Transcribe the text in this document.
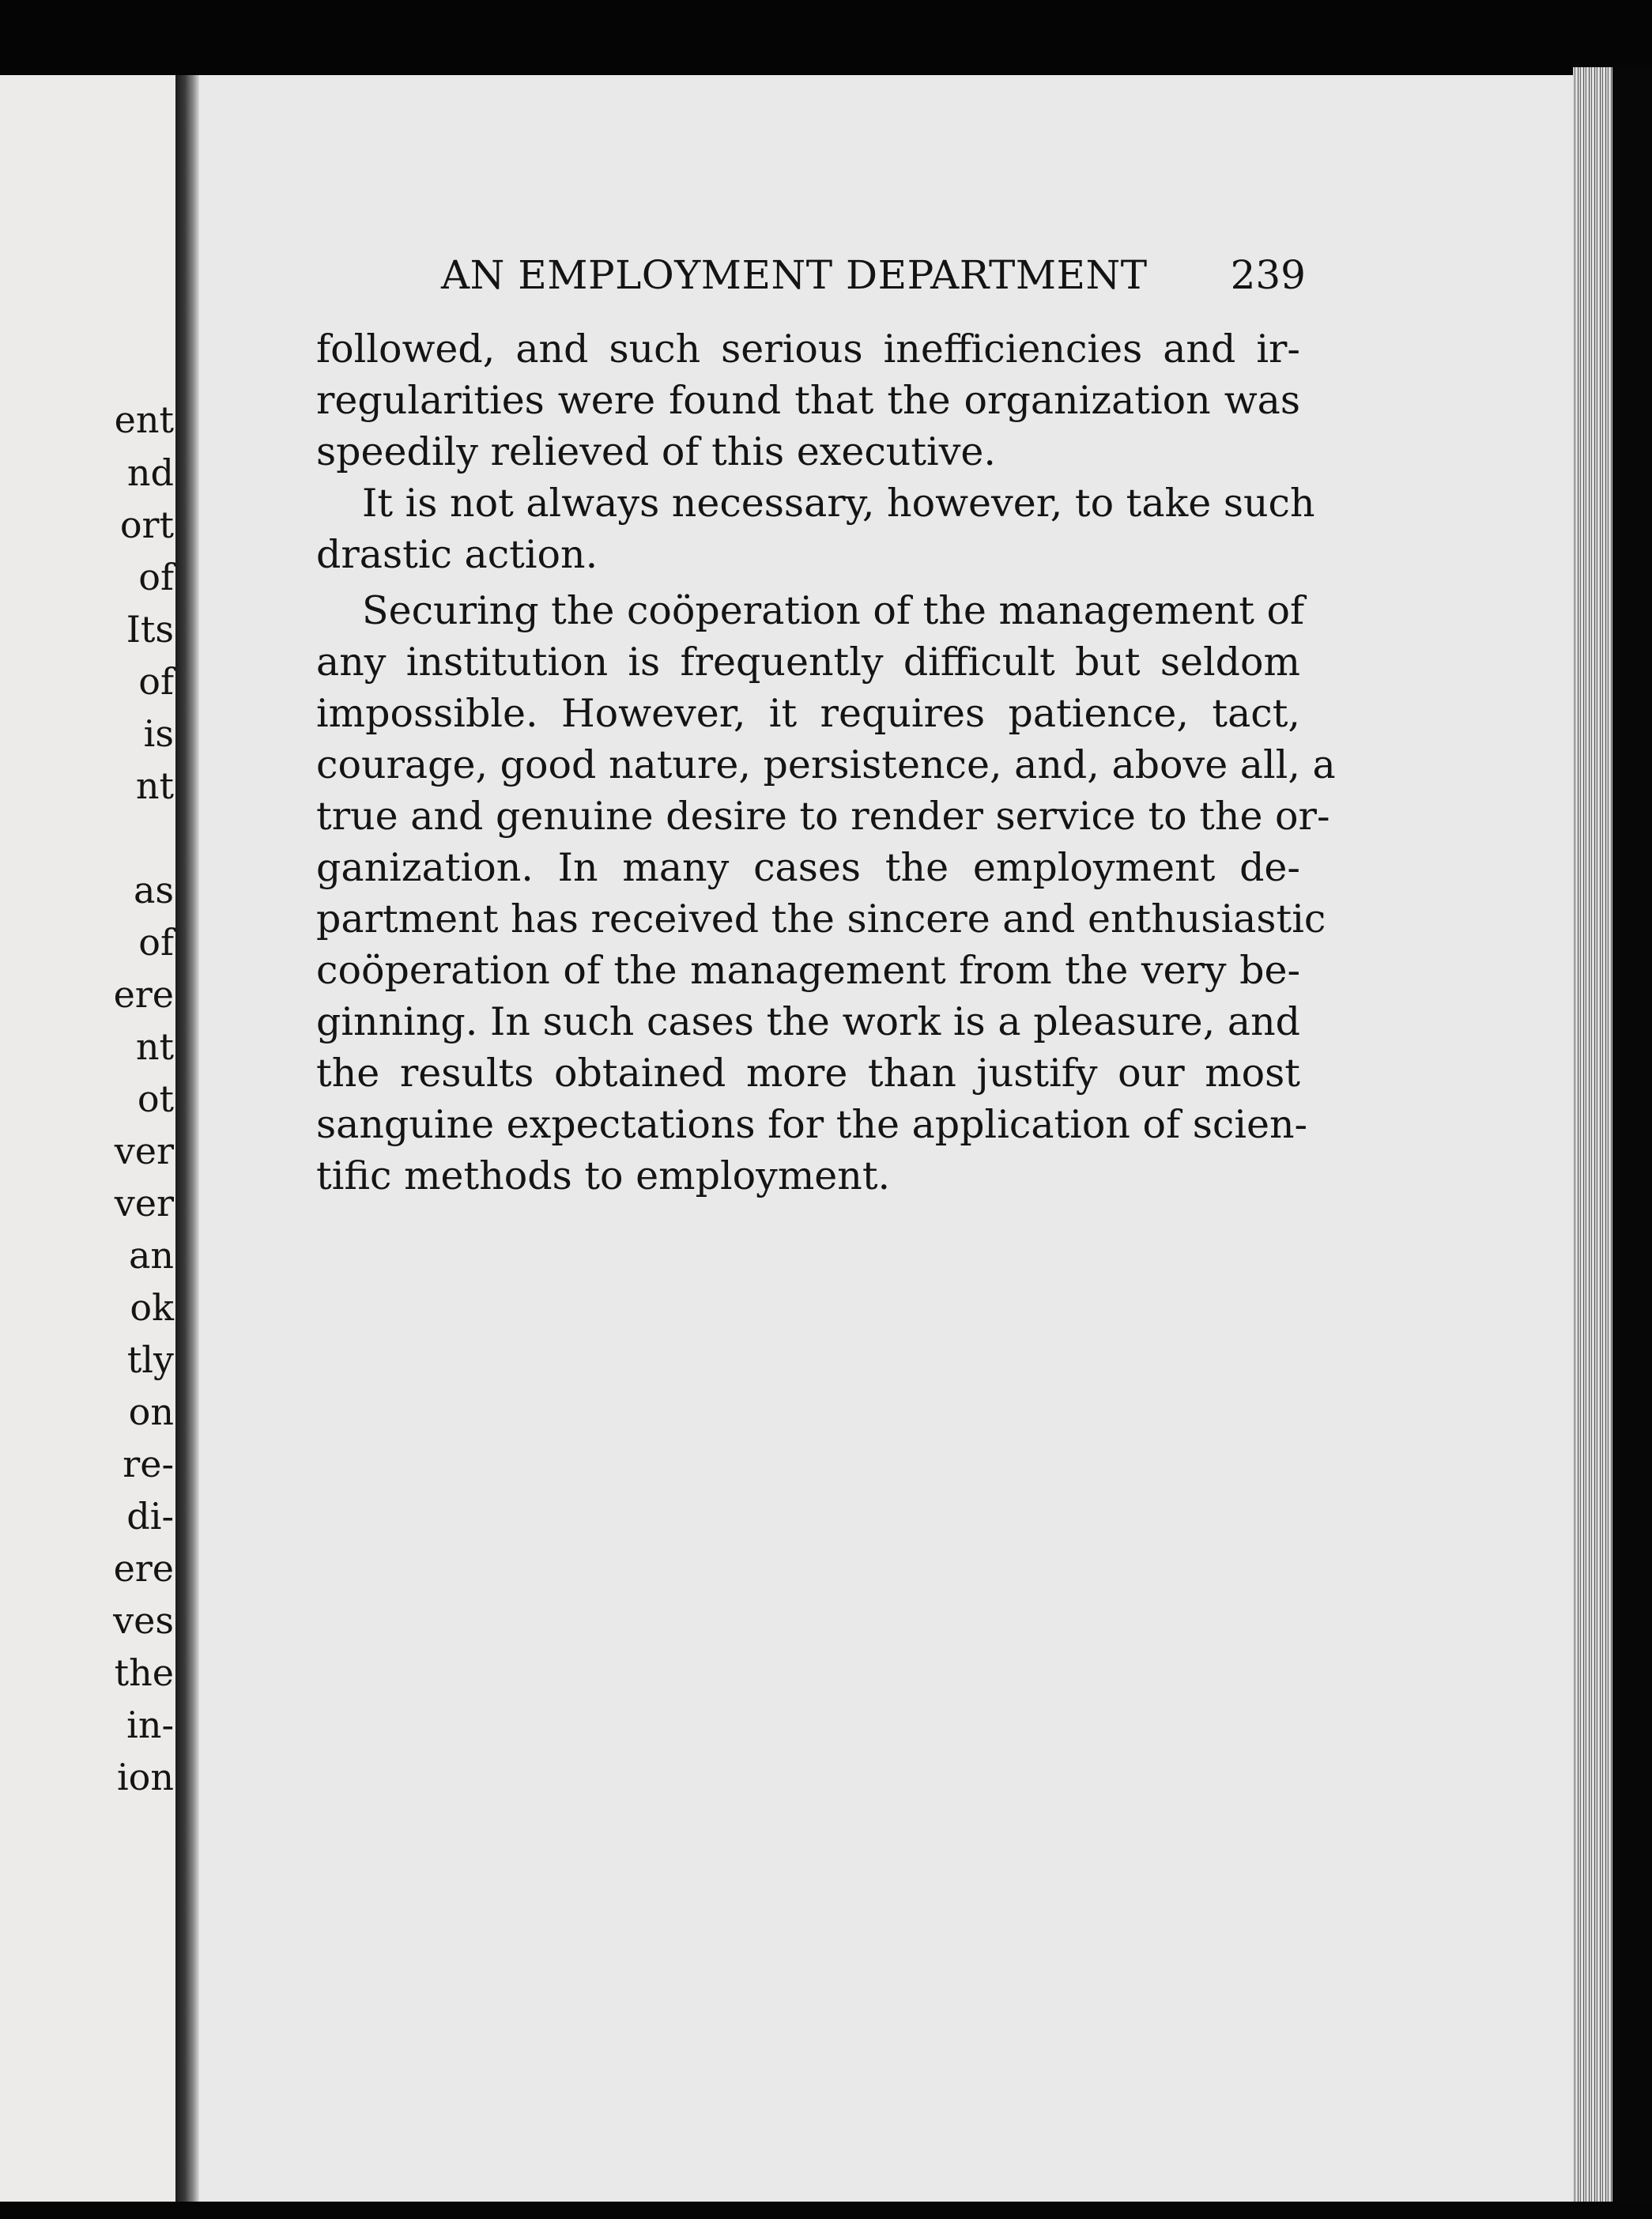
ent
nd
ort
of
Its
of
is
nt
as
of
ere
nt
ot
ver
ver
an
ok
tly
on
re-
di-
ere
ves
the
in-
ion
AN EMPLOYMENT DEPARTMENT	239
followed, and such serious inefficiencies and ir-
regularities were found that the organization was
speedily relieved of this executive.
It is not always necessary, however, to take such
drastic action.
Securing the coöperation of the management of
any institution is frequently difficult but seldom
impossible. However, it requires patience, tact,
courage, good nature, persistence, and, above all, a
true and genuine desire to render service to the or-
ganization. In many cases the employment de-
partment has received the sincere and enthusiastic
coöperation of the management from the very be-
ginning. In such cases the work is a pleasure, and
the results obtained more than justify our most
sanguine expectations for the application of scien-
tific methods to employment.
